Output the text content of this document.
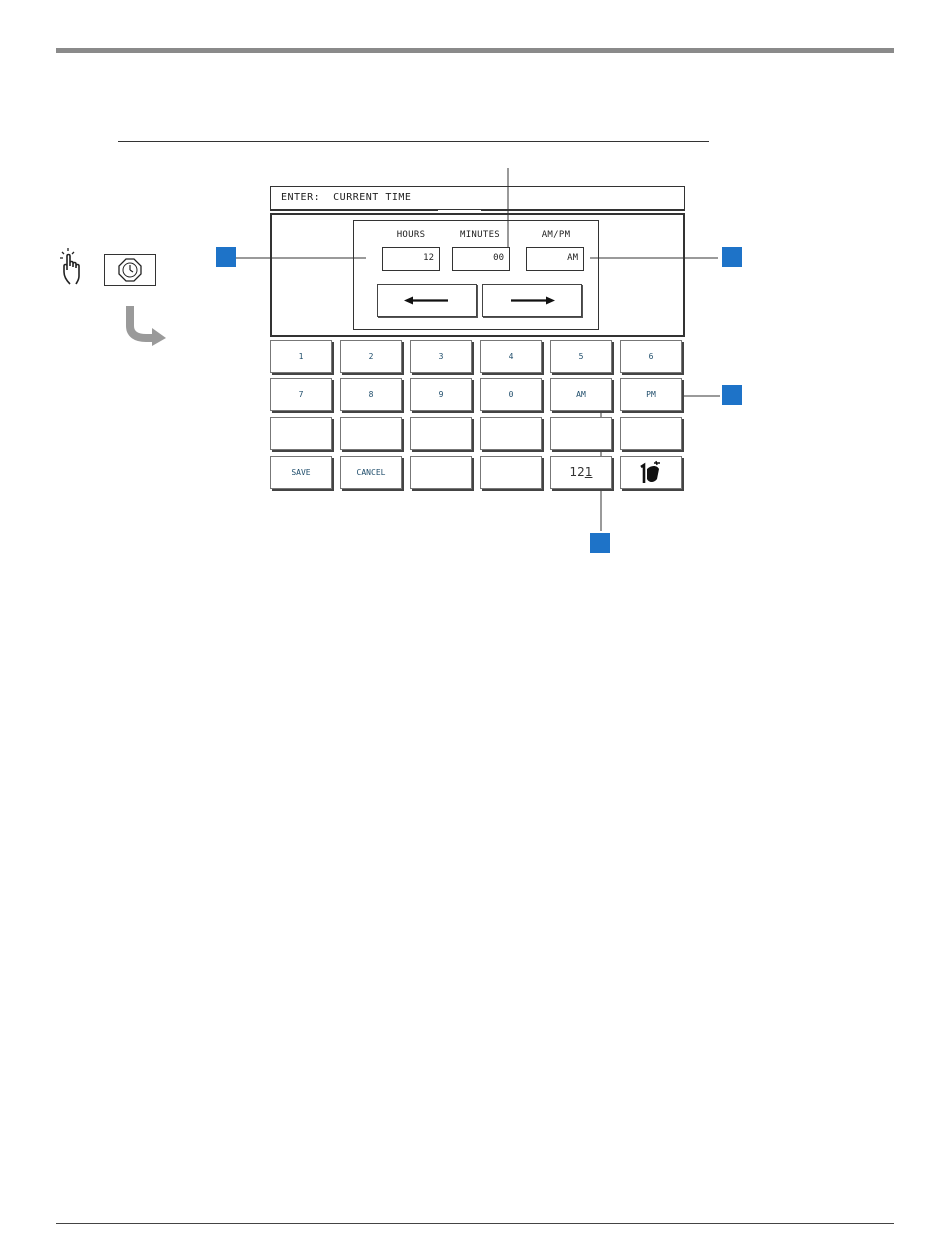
ENTER:  CURRENT TIME
HOURS	MINUTES	AM/PM
12	00	AM
1	2	3	4	5	6
7	8	9	0	AM	PM
SAVE	CANCEL	121
